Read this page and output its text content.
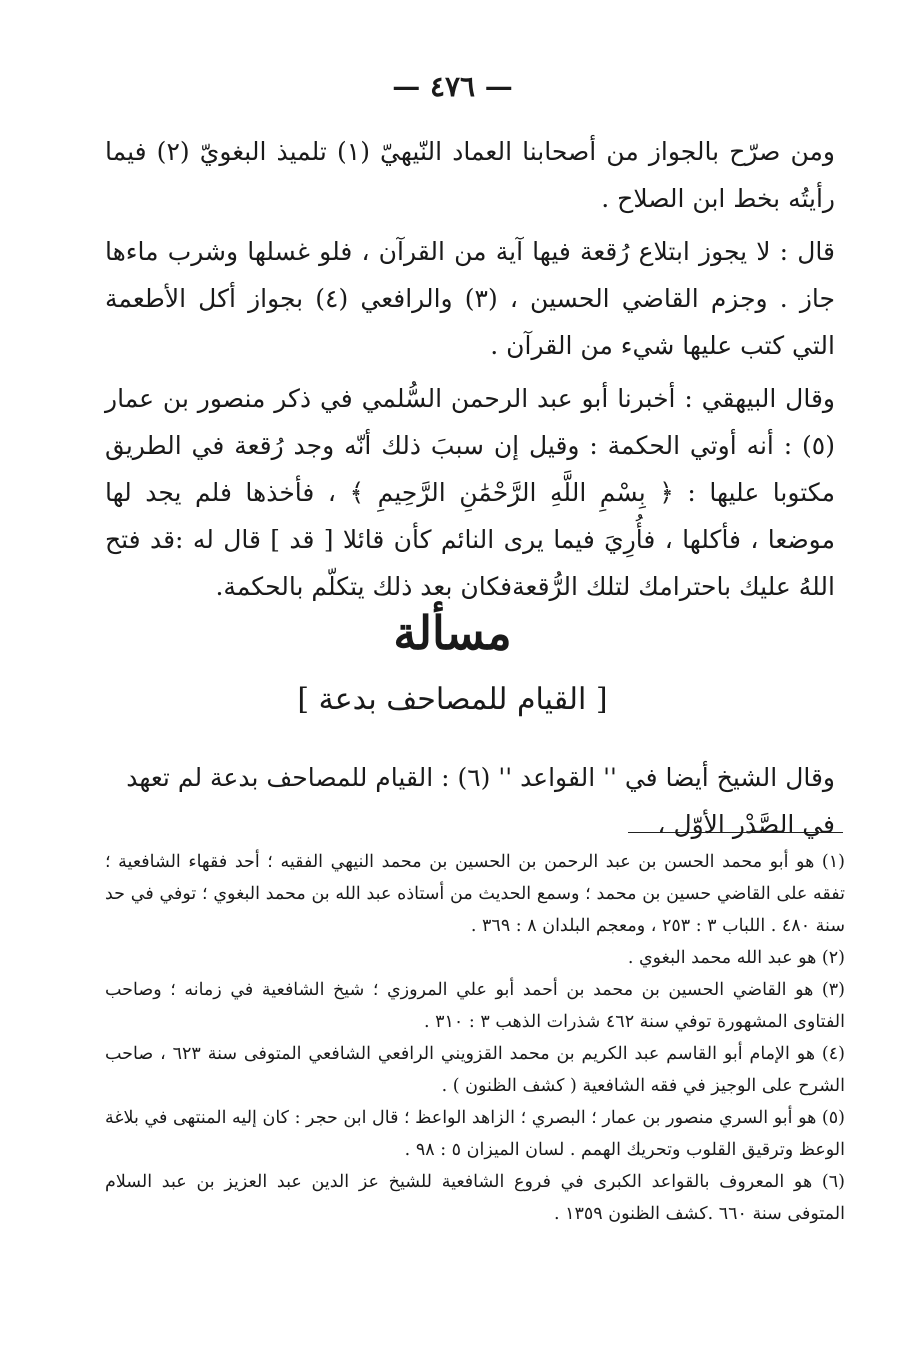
— ٤٧٦ —

ومن صرّح بالجواز من أصحابنا العماد النّيهيّ (١) تلميذ البغويّ (٢) فيما رأيتُه بخط ابن الصلاح .

قال : لا يجوز ابتلاع رُقعة فيها آية من القرآن ، فلو غسلها وشرب ماءها جاز . وجزم القاضي الحسين ، (٣) والرافعي (٤) بجواز أكل الأطعمة التي كتب عليها شيء من القرآن .

وقال البيهقي : أخبرنا أبو عبد الرحمن السُّلمي في ذكر منصور بن عمار (٥) : أنه أوتي الحكمة : وقيل إن سببَ ذلك أنّه وجد رُقعة في الطريق مكتوبا عليها : ﴿ بِسْمِ اللَّهِ الرَّحْمَٰنِ الرَّحِيمِ ﴾ ، فأخذها فلم يجد لها موضعا ، فأكلها ، فأُرِيَ فيما يرى النائم كأن قائلا [ قد ] قال له :قد فتح اللهُ عليك باحترامك لتلك الرُّقعةفكان بعد ذلك يتكلّم بالحكمة.

مسألة
[ القيام للمصاحف بدعة ]
وقال الشيخ أيضا في '' القواعد '' (٦) : القيام للمصاحف بدعة لم تعهد في الصَّدْر الأوّل ،

(١) هو أبو محمد الحسن بن عبد الرحمن بن الحسين بن محمد النيهي الفقيه ؛ أحد فقهاء الشافعية ؛ تفقه على القاضي حسين بن محمد ؛ وسمع الحديث من أستاذه عبد الله بن محمد البغوي ؛ توفي في حد سنة ٤٨٠ . اللباب ٣ : ٢٥٣ ، ومعجم البلدان ٨ : ٣٦٩ .

(٢) هو عبد الله محمد البغوي .

(٣) هو القاضي الحسين بن محمد بن أحمد أبو علي المروزي ؛ شيخ الشافعية في زمانه ؛ وصاحب الفتاوى المشهورة توفي سنة ٤٦٢ شذرات الذهب ٣ : ٣١٠ .

(٤) هو الإمام أبو القاسم عبد الكريم بن محمد القزويني الرافعي الشافعي المتوفى سنة ٦٢٣ ، صاحب الشرح على الوجيز في فقه الشافعية ( كشف الظنون ) .

(٥) هو أبو السري منصور بن عمار ؛ البصري ؛ الزاهد الواعظ ؛ قال ابن حجر : كان إليه المنتهى في بلاغة الوعظ وترقيق القلوب وتحريك الهمم . لسان الميزان ٥ : ٩٨ .

(٦) هو المعروف بالقواعد الكبرى في فروع الشافعية للشيخ عز الدين عبد العزيز بن عبد السلام المتوفى سنة ٦٦٠ .كشف الظنون ١٣٥٩ .
